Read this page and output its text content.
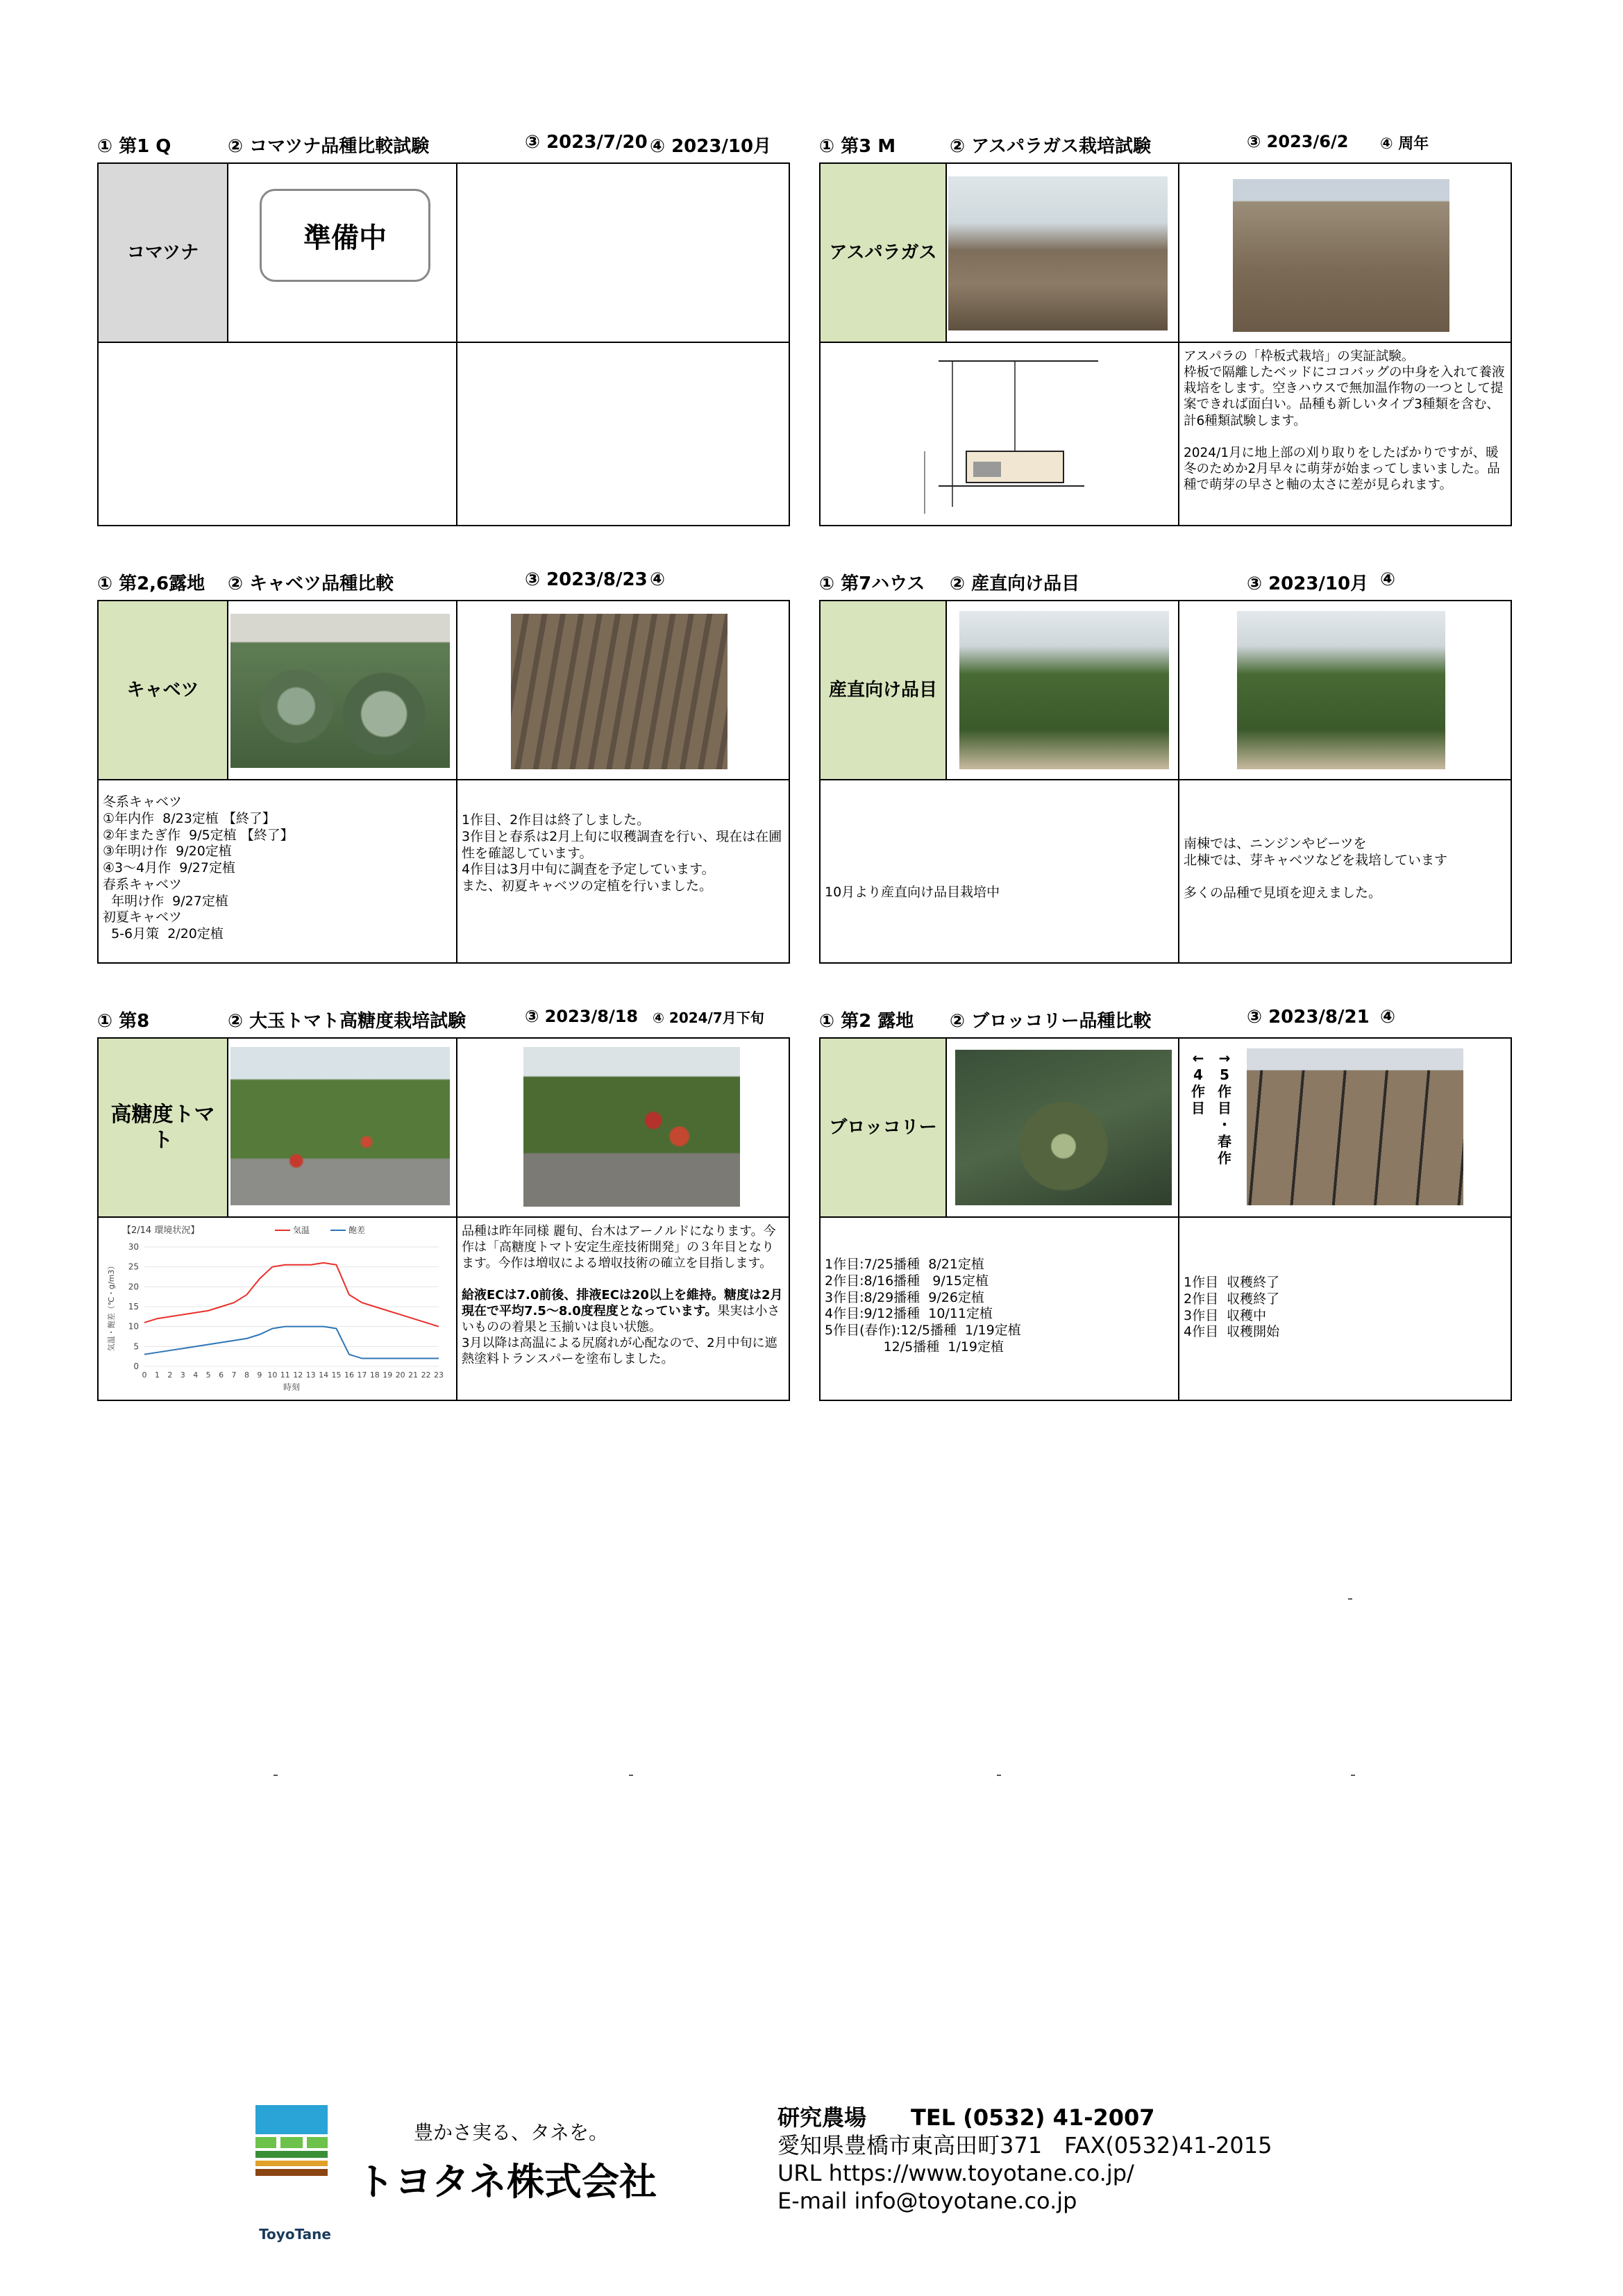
① 第1 Q	② コマツナ品種比較試験	③ 2023/7/20 ④ 2023/10月
コマツナ	準備中
① 第3 M	② アスパラガス栽培試験	③ 2023/6/2 ④ 周年
アスパラガス
アスパラの「枠板式栽培」の実証試験。
枠板で隔離したベッドにココバッグの中身を入れて養液栽培をします。空きハウスで無加温作物の一つとして提案できれば面白い。品種も新しいタイプ3種類を含む、計6種類試験します。

2024/1月に地上部の刈り取りをしたばかりですが、暖冬のためか2月早々に萌芽が始まってしまいました。品種で萌芽の早さと軸の太さに差が見られます。
① 第2,6露地 ② キャベツ品種比較	③ 2023/8/23 ④
キャベツ
冬系キャベツ
①年内作  8/23定植 【終了】
②年またぎ作  9/5定植 【終了】
③年明け作  9/20定植
④3～4月作  9/27定植
春系キャベツ
年明け作  9/27定植
初夏キャベツ
5-6月策  2/20定植
1作目、2作目は終了しました。
3作目と春系は2月上旬に収穫調査を行い、現在は在圃性を確認しています。
4作目は3月中旬に調査を予定しています。
また、初夏キャベツの定植を行いました。
① 第7ハウス ② 産直向け品目	③ 2023/10月 ④
産直向け品目
10月より産直向け品目栽培中
南棟では、ニンジンやビーツを
北棟では、芽キャベツなどを栽培しています

多くの品種で見頃を迎えました。
① 第8	② 大玉トマト高糖度栽培試験	③ 2023/8/18 ④ 2024/7月下旬
高糖度トマト
【2/14 環境状況】
0
5
10
15
20
25
30
0 1 2 3 4 5 6 7 8 9 10 11 12 13 14 15 16 17 18 19 20 21 22 23
時刻
気温・飽差（℃・g/m3）
気温	飽差	品種は昨年同様 麗旬、台木はアーノルドになります。今作は「高糖度トマト安定生産技術開発」の３年目となります。今作は増収による増収技術の確立を目指します。

給液ECは7.0前後、排液ECは20以上を維持。糖度は2月現在で平均7.5～8.0度程度となっています。果実は小さいものの着果と玉揃いは良い状態。
3月以降は高温による尻腐れが心配なので、2月中旬に遮熱塗料トランスパーを塗布しました。
① 第2 露地 ② ブロッコリー品種比較	③ 2023/8/21 ④
ブロッコリー
←
4
作
目
→
5
作
目
・
春
作
1作目:7/25播種  8/21定植
2作目:8/16播種   9/15定植
3作目:8/29播種  9/26定植
4作目:9/12播種  10/11定植
5作目(春作):12/5播種  1/19定植
12/5播種  1/19定植
1作目  収穫終了
2作目  収穫終了
3作目  収穫中
4作目  収穫開始
ToyoTane
豊かさ実る、タネを。
トヨタネ株式会社
研究農場　　TEL (0532) 41-2007
愛知県豊橋市東高田町371　FAX(0532)41-2015
URL https://www.toyotane.co.jp/
E-mail info@toyotane.co.jp
